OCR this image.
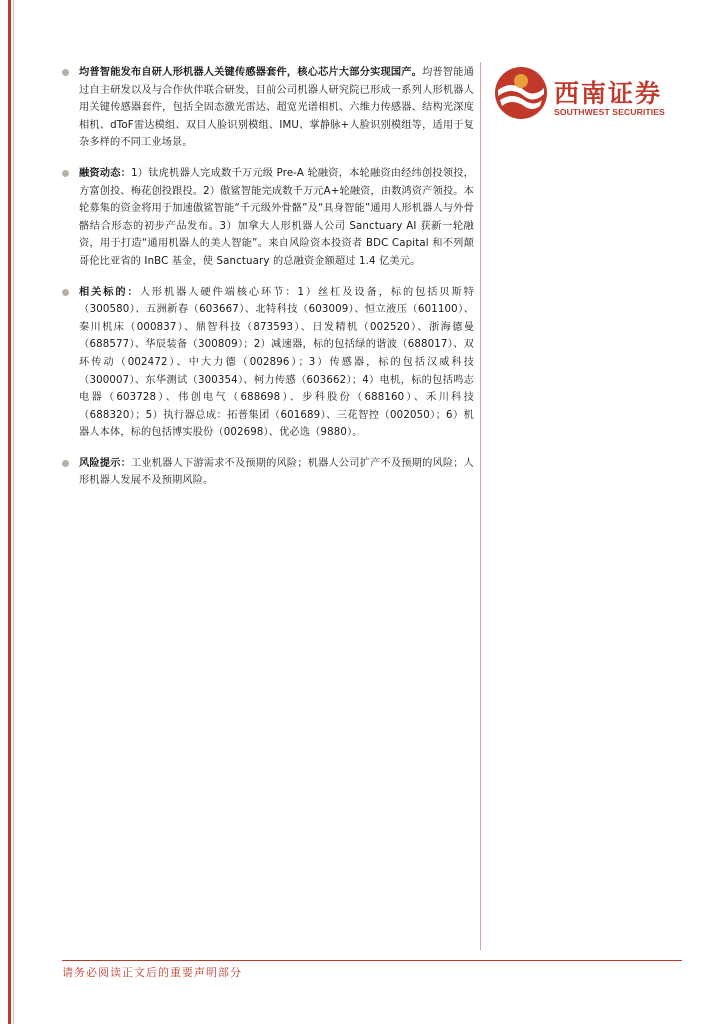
西南证券
SOUTHWEST SECURITIES
均普智能发布自研人形机器人关键传感器套件，核心芯片大部分实现国产。均普智能通过自主研发以及与合作伙伴联合研发，目前公司机器人研究院已形成一系列人形机器人用关键传感器套件，包括全固态激光雷达、超宽光谱相机、六维力传感器、结构光深度相机、dToF雷达模组、双目人脸识别模组、IMU、掌静脉+人脸识别模组等，适用于复杂多样的不同工业场景。
融资动态：1）钛虎机器人完成数千万元级 Pre-A 轮融资，本轮融资由经纬创投领投，方富创投、梅花创投跟投。2）傲鲨智能完成数千万元A+轮融资，由数鸿资产领投。本轮募集的资金将用于加速傲鲨智能“千元级外骨骼”及“具身智能”通用人形机器人与外骨骼结合形态的初步产品发布。3）加拿大人形机器人公司 Sanctuary AI 获新一轮融资，用于打造“通用机器人的美人智能”。来自风险资本投资者 BDC Capital 和不列颠哥伦比亚省的 InBC 基金，使 Sanctuary 的总融资金额超过 1.4 亿美元。
相关标的：人形机器人硬件端核心环节：1）丝杠及设备，标的包括贝斯特（300580）、五洲新春（603667）、北特科技（603009）、恒立液压（601100）、秦川机床（000837）、鼎智科技（873593）、日发精机（002520）、浙海德曼（688577）、华辰装备（300809）；2）减速器，标的包括绿的谐波（688017）、双环传动（002472）、中大力德（002896）；3）传感器，标的包括汉威科技（300007）、东华测试（300354）、柯力传感（603662）；4）电机，标的包括鸣志电器（603728）、伟创电气（688698）、步科股份（688160）、禾川科技（688320）；5）执行器总成：拓普集团（601689）、三花智控（002050）；6）机器人本体，标的包括博实股份（002698）、优必选（9880）。
风险提示：工业机器人下游需求不及预期的风险；机器人公司扩产不及预期的风险；人形机器人发展不及预期风险。
请务必阅读正文后的重要声明部分
